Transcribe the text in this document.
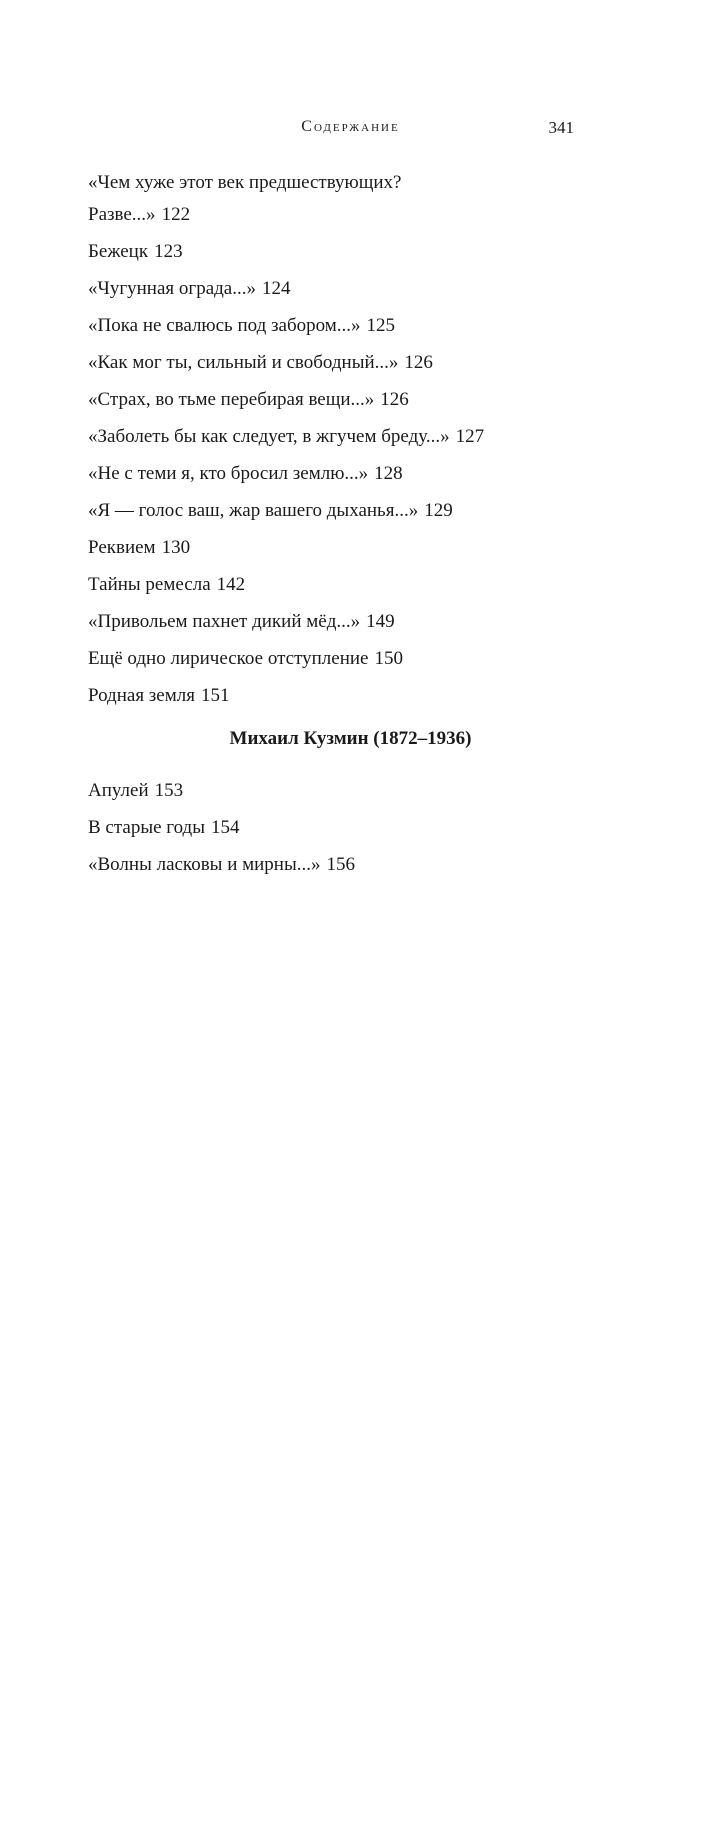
Содержание	341
«Чем хуже этот век предшествующих?
Разве...» 122
Бежецк 123
«Чугунная ограда...» 124
«Пока не свалюсь под забором...» 125
«Как мог ты, сильный и свободный...» 126
«Страх, во тьме перебирая вещи...» 126
«Заболеть бы как следует, в жгучем бреду...» 127
«Не с теми я, кто бросил землю...» 128
«Я — голос ваш, жар вашего дыханья...» 129
Реквием 130
Тайны ремесла 142
«Привольем пахнет дикий мёд...» 149
Ещё одно лирическое отступление 150
Родная земля 151
Михаил Кузмин (1872–1936)
Апулей 153
В старые годы 154
«Волны ласковы и мирны...» 156
